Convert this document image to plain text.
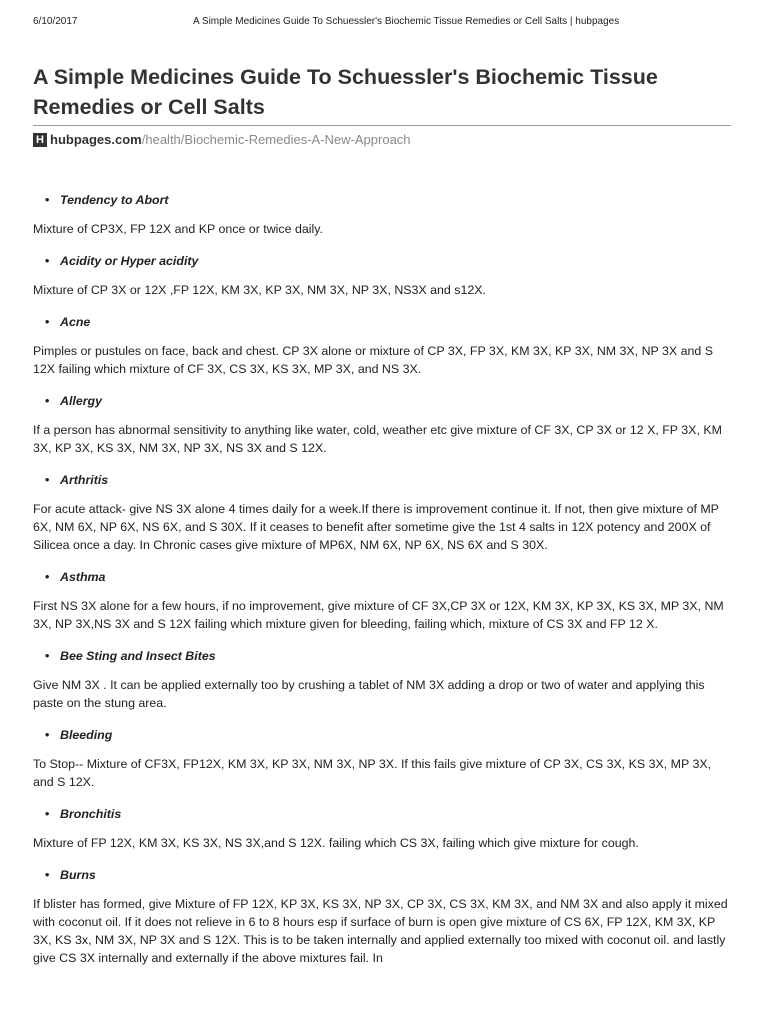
6/10/2017	A Simple Medicines Guide To Schuessler's Biochemic Tissue Remedies or Cell Salts | hubpages
A Simple Medicines Guide To Schuessler's Biochemic Tissue Remedies or Cell Salts
H hubpages.com /health/Biochemic-Remedies-A-New-Approach
• Tendency to Abort

Mixture of CP3X, FP 12X and KP once or twice daily.

• Acidity or Hyper acidity

Mixture of CP 3X or 12X ,FP 12X, KM 3X, KP 3X, NM 3X, NP 3X, NS3X and s12X.

• Acne

Pimples or pustules on face, back and chest. CP 3X alone or mixture of CP 3X, FP 3X, KM 3X, KP 3X, NM 3X, NP 3X and S 12X failing which mixture of CF 3X, CS 3X, KS 3X, MP 3X, and NS 3X.

• Allergy

If a person has abnormal sensitivity to anything like water, cold, weather etc give mixture of CF 3X, CP 3X or 12 X, FP 3X, KM 3X, KP 3X, KS 3X, NM 3X, NP 3X, NS 3X and S 12X.

• Arthritis

For acute attack- give NS 3X alone 4 times daily for a week.If there is improvement continue it. If not, then give mixture of MP 6X, NM 6X, NP 6X, NS 6X, and S 30X. If it ceases to benefit after sometime give the 1st 4 salts in 12X potency and 200X of Silicea once a day. In Chronic cases give mixture of MP6X, NM 6X, NP 6X, NS 6X and S 30X.

• Asthma

First NS 3X alone for a few hours, if no improvement, give mixture of CF 3X,CP 3X or 12X, KM 3X, KP 3X, KS 3X, MP 3X, NM 3X, NP 3X,NS 3X and S 12X failing which mixture given for bleeding, failing which, mixture of CS 3X and FP 12 X.

• Bee Sting and Insect Bites

Give NM 3X . It can be applied externally too by crushing a tablet of NM 3X adding a drop or two of water and applying this paste on the stung area.

• Bleeding

To Stop-- Mixture of CF3X, FP12X, KM 3X, KP 3X, NM 3X, NP 3X. If this fails give mixture of CP 3X, CS 3X, KS 3X, MP 3X, and S 12X.

• Bronchitis

Mixture of FP 12X, KM 3X, KS 3X, NS 3X,and S 12X. failing which CS 3X, failing which give mixture for cough.

• Burns

If blister has formed, give Mixture of FP 12X, KP 3X, KS 3X, NP 3X, CP 3X, CS 3X, KM 3X, and NM 3X and also apply it mixed with coconut oil. If it does not relieve in 6 to 8 hours esp if surface of burn is open give mixture of CS 6X, FP 12X, KM 3X, KP 3X, KS 3x, NM 3X, NP 3X and S 12X. This is to be taken internally and applied externally too mixed with coconut oil. and lastly give CS 3X internally and externally if the above mixtures fail. In
